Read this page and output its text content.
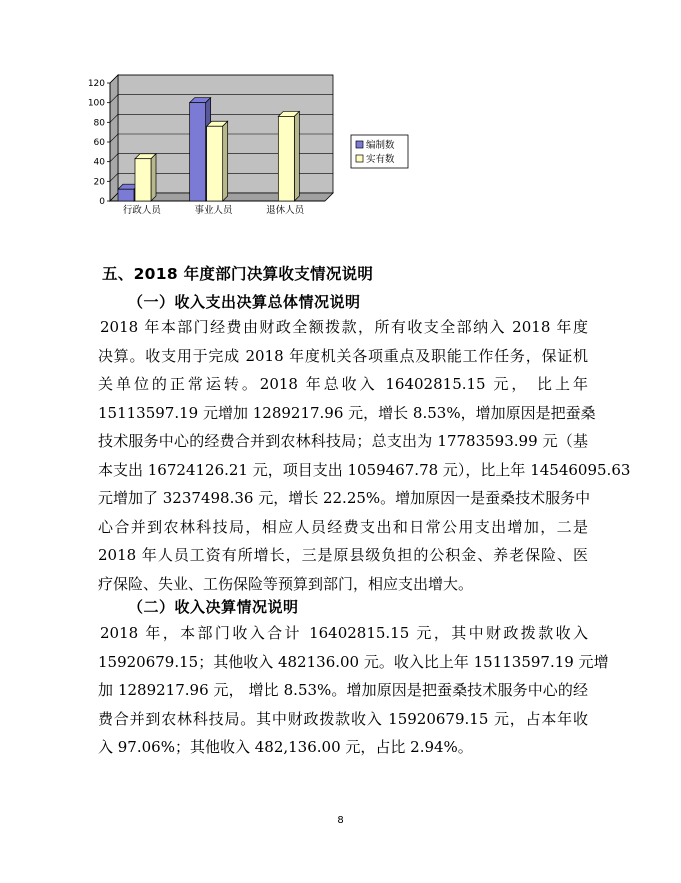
0
20
40
60
80
100
120
行政人员	事业人员	退休人员
编制数
实有数
五、2018 年度部门决算收支情况说明
（一）收入支出决算总体情况说明
2018 年本部门经费由财政全额拨款，所有收支全部纳入 2018 年度
决算。收支用于完成 2018 年度机关各项重点及职能工作任务，保证机
关单位的正常运转。2018 年总收入 16402815.15 元， 比上年
15113597.19 元增加 1289217.96 元，增长 8.53%，增加原因是把蚕桑
技术服务中心的经费合并到农林科技局；总支出为 17783593.99 元（基
本支出 16724126.21 元，项目支出 1059467.78 元），比上年 14546095.63
元增加了 3237498.36 元，增长 22.25%。增加原因一是蚕桑技术服务中
心合并到农林科技局，相应人员经费支出和日常公用支出增加，二是
2018 年人员工资有所增长，三是原县级负担的公积金、养老保险、医
疗保险、失业、工伤保险等预算到部门，相应支出增大。
（二）收入决算情况说明
2018 年，本部门收入合计 16402815.15 元，其中财政拨款收入
15920679.15；其他收入 482136.00 元。收入比上年 15113597.19 元增
加 1289217.96 元， 增比 8.53%。增加原因是把蚕桑技术服务中心的经
费合并到农林科技局。其中财政拨款收入 15920679.15 元，占本年收
入 97.06%；其他收入 482,136.00 元，占比 2.94%。
8
